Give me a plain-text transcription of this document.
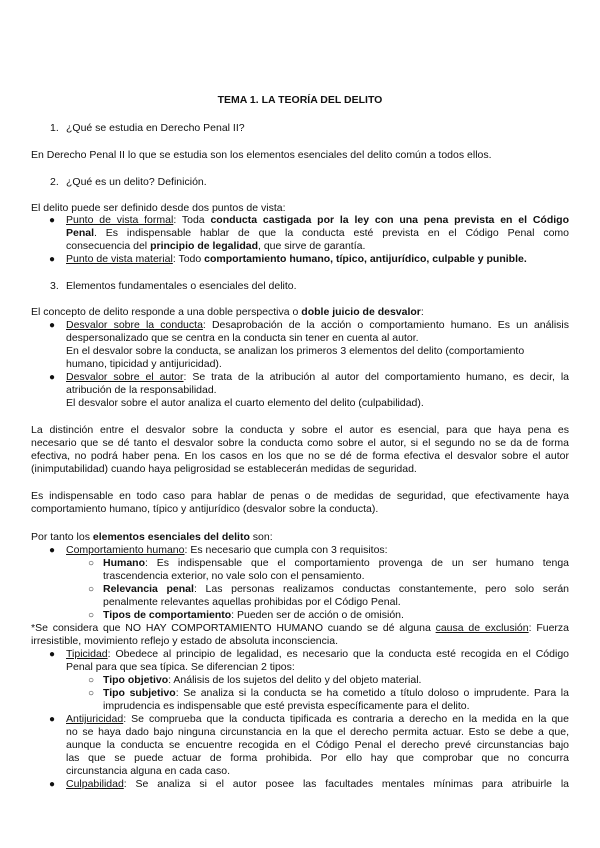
TEMA 1. LA TEORÍA DEL DELITO
1. ¿Qué se estudia en Derecho Penal II?
En Derecho Penal II lo que se estudia son los elementos esenciales del delito común a todos ellos.
2. ¿Qué es un delito? Definición.
El delito puede ser definido desde dos puntos de vista:
● Punto de vista formal: Toda conducta castigada por la ley con una pena prevista en el Código
Penal. Es indispensable hablar de que la conducta esté prevista en el Código Penal como
consecuencia del principio de legalidad, que sirve de garantía.
● Punto de vista material: Todo comportamiento humano, típico, antijurídico, culpable y punible.
3. Elementos fundamentales o esenciales del delito.
El concepto de delito responde a una doble perspectiva o doble juicio de desvalor:
● Desvalor sobre la conducta: Desaprobación de la acción o comportamiento humano. Es un análisis
despersonalizado que se centra en la conducta sin tener en cuenta al autor.
En el desvalor sobre la conducta, se analizan los primeros 3 elementos del delito (comportamiento
humano, tipicidad y antijuricidad).
● Desvalor sobre el autor: Se trata de la atribución al autor del comportamiento humano, es decir, la
atribución de la responsabilidad.
El desvalor sobre el autor analiza el cuarto elemento del delito (culpabilidad).
La distinción entre el desvalor sobre la conducta y sobre el autor es esencial, para que haya pena es
necesario que se dé tanto el desvalor sobre la conducta como sobre el autor, si el segundo no se da de forma
efectiva, no podrá haber pena. En los casos en los que no se dé de forma efectiva el desvalor sobre el autor
(inimputabilidad) cuando haya peligrosidad se establecerán medidas de seguridad.
Es indispensable en todo caso para hablar de penas o de medidas de seguridad, que efectivamente haya
comportamiento humano, típico y antijurídico (desvalor sobre la conducta).
Por tanto los elementos esenciales del delito son:
● Comportamiento humano: Es necesario que cumpla con 3 requisitos:
○ Humano: Es indispensable que el comportamiento provenga de un ser humano tenga
trascendencia exterior, no vale solo con el pensamiento.
○ Relevancia penal: Las personas realizamos conductas constantemente, pero solo serán
penalmente relevantes aquellas prohibidas por el Código Penal.
○ Tipos de comportamiento: Pueden ser de acción o de omisión.
*Se considera que NO HAY COMPORTAMIENTO HUMANO cuando se dé alguna causa de exclusión: Fuerza
irresistible, movimiento reflejo y estado de absoluta inconsciencia.
● Tipicidad: Obedece al principio de legalidad, es necesario que la conducta esté recogida en el Código
Penal para que sea típica. Se diferencian 2 tipos:
○ Tipo objetivo: Análisis de los sujetos del delito y del objeto material.
○ Tipo subjetivo: Se analiza si la conducta se ha cometido a título doloso o imprudente. Para la
imprudencia es indispensable que esté prevista específicamente para el delito.
● Antijuricidad: Se comprueba que la conducta tipificada es contraria a derecho en la medida en la que
no se haya dado bajo ninguna circunstancia en la que el derecho permita actuar. Esto se debe a que,
aunque la conducta se encuentre recogida en el Código Penal el derecho prevé circunstancias bajo
las que se puede actuar de forma prohibida. Por ello hay que comprobar que no concurra
circunstancia alguna en cada caso.
● Culpabilidad: Se analiza si el autor posee las facultades mentales mínimas para atribuirle la
